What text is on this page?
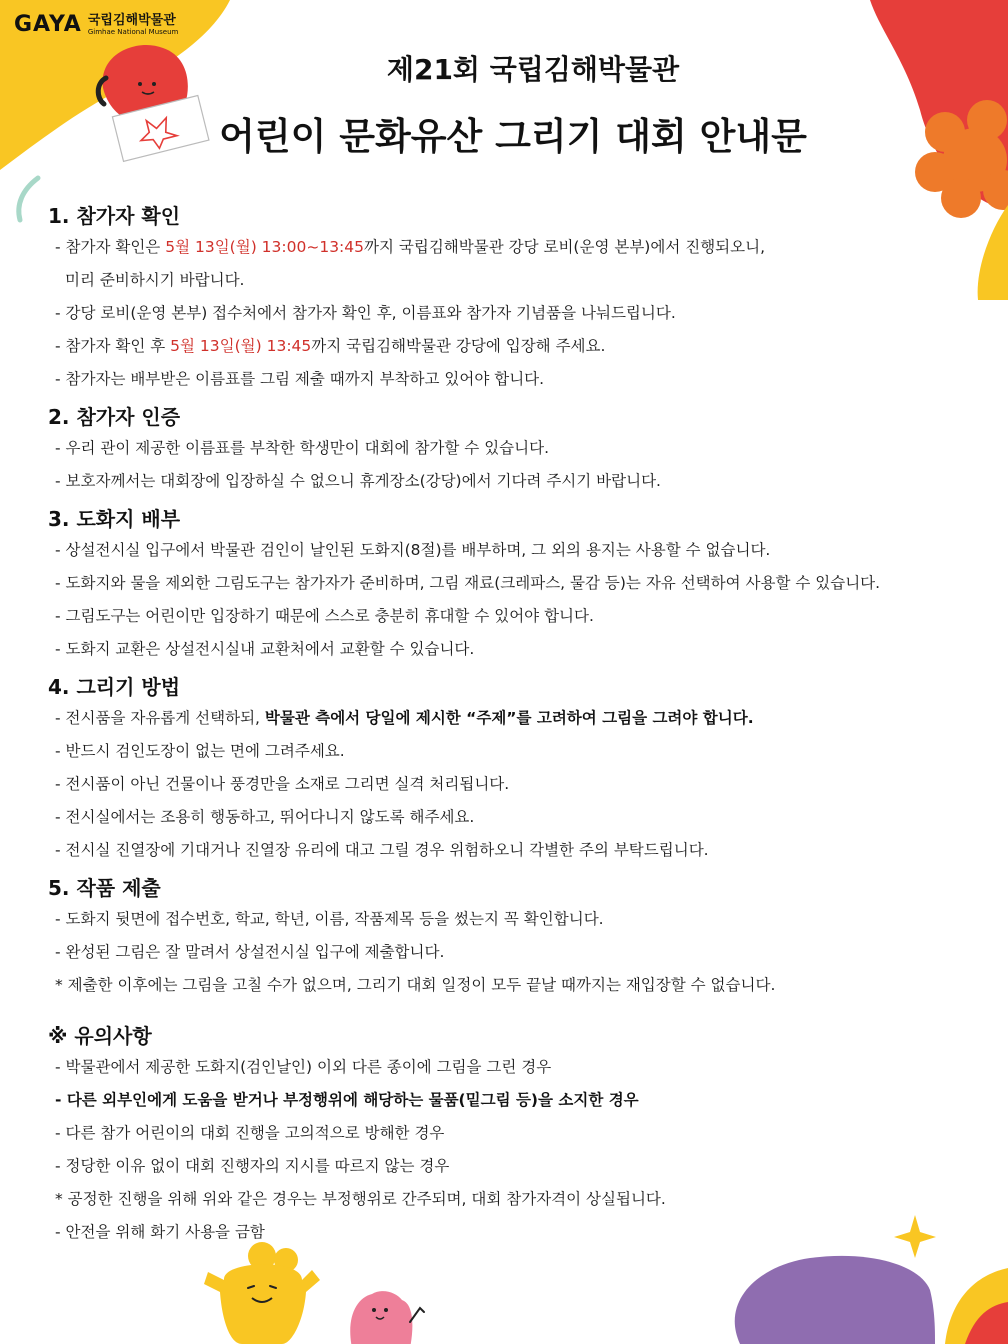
GAYA 국립김해박물관
Gimhae National Museum
제21회 국립김해박물관
어린이 문화유산 그리기 대회 안내문
1. 참가자 확인

- 참가자 확인은 5월 13일(월) 13:00~13:45까지 국립김해박물관 강당 로비(운영 본부)에서 진행되오니,

미리 준비하시기 바랍니다.

- 강당 로비(운영 본부) 접수처에서 참가자 확인 후, 이름표와 참가자 기념품을 나눠드립니다.

- 참가자 확인 후 5월 13일(월) 13:45까지 국립김해박물관 강당에 입장해 주세요.

- 참가자는 배부받은 이름표를 그림 제출 때까지 부착하고 있어야 합니다.

2. 참가자 인증

- 우리 관이 제공한 이름표를 부착한 학생만이 대회에 참가할 수 있습니다.

- 보호자께서는 대회장에 입장하실 수 없으니 휴게장소(강당)에서 기다려 주시기 바랍니다.

3. 도화지 배부

- 상설전시실 입구에서 박물관 검인이 날인된 도화지(8절)를 배부하며, 그 외의 용지는 사용할 수 없습니다.

- 도화지와 물을 제외한 그림도구는 참가자가 준비하며, 그림 재료(크레파스, 물감 등)는 자유 선택하여 사용할 수 있습니다.

- 그림도구는 어린이만 입장하기 때문에 스스로 충분히 휴대할 수 있어야 합니다.

- 도화지 교환은 상설전시실내 교환처에서 교환할 수 있습니다.

4. 그리기 방법

- 전시품을 자유롭게 선택하되, 박물관 측에서 당일에 제시한 “주제”를 고려하여 그림을 그려야 합니다.

- 반드시 검인도장이 없는 면에 그려주세요.

- 전시품이 아닌 건물이나 풍경만을 소재로 그리면 실격 처리됩니다.

- 전시실에서는 조용히 행동하고, 뛰어다니지 않도록 해주세요.

- 전시실 진열장에 기대거나 진열장 유리에 대고 그릴 경우 위험하오니 각별한 주의 부탁드립니다.

5. 작품 제출

- 도화지 뒷면에 접수번호, 학교, 학년, 이름, 작품제목 등을 썼는지 꼭 확인합니다.

- 완성된 그림은 잘 말려서 상설전시실 입구에 제출합니다.

* 제출한 이후에는 그림을 고칠 수가 없으며, 그리기 대회 일정이 모두 끝날 때까지는 재입장할 수 없습니다.

※ 유의사항

- 박물관에서 제공한 도화지(검인날인) 이외 다른 종이에 그림을 그린 경우

- 다른 외부인에게 도움을 받거나 부정행위에 해당하는 물품(밑그림 등)을 소지한 경우

- 다른 참가 어린이의 대회 진행을 고의적으로 방해한 경우

- 정당한 이유 없이 대회 진행자의 지시를 따르지 않는 경우

* 공정한 진행을 위해 위와 같은 경우는 부정행위로 간주되며, 대회 참가자격이 상실됩니다.

- 안전을 위해 화기 사용을 금함
